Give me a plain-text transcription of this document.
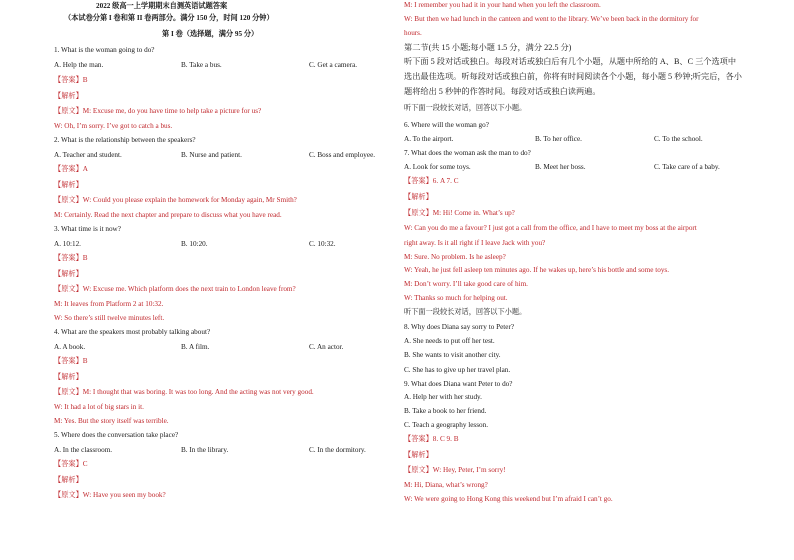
2022 级高一上学期期末自测英语试题答案
（本试卷分第 I 卷和第 II 卷两部分。满分 150 分，时间 120 分钟）
第 I 卷（选择题，满分 95 分）
1. What is the woman going to do?
A. Help the man.	B. Take a bus.	C. Get a camera.
【答案】B
【解析】
【原文】M: Excuse me, do you have time to help take a picture for us?
W: Oh, I’m sorry. I’ve got to catch a bus.
2. What is the relationship between the speakers?
A. Teacher and student.	B. Nurse and patient.	C. Boss and employee.
【答案】A
【解析】
【原文】W: Could you please explain the homework for Monday again, Mr Smith?
M: Certainly. Read the next chapter and prepare to discuss what you have read.
3. What time is it now?
A. 10:12.	B. 10:20.	C. 10:32.
【答案】B
【解析】
【原文】W: Excuse me. Which platform does the next train to London leave from?
M: It leaves from Platform 2 at 10:32.
W: So there’s still twelve minutes left.
4. What are the speakers most probably talking about?
A. A book.	B. A film.	C. An actor.
【答案】B
【解析】
【原文】M: I thought that was boring. It was too long. And the acting was not very good.
W: It had a lot of big stars in it.
M: Yes. But the story itself was terrible.
5. Where does the conversation take place?
A. In the classroom.	B. In the library.	C. In the dormitory.
【答案】C
【解析】
【原文】W: Have you seen my book?
M: I remember you had it in your hand when you left the classroom.
W: But then we had lunch in the canteen and went to the library. We’ve been back in the dormitory for
hours.
第二节(共 15 小题;每小题 1.5 分，满分 22.5 分)
听下面 5 段对话或独白。每段对话或独白后有几个小题，从题中所给的 A、B、C 三个选项中
选出最佳选项。听每段对话或独白前，你将有时间阅读各个小题，每小题 5 秒钟;听完后，各小
题将给出 5 秒钟的作答时间。每段对话或独白读两遍。
听下面一段较长对话，回答以下小题。
6. Where will the woman go?
A. To the airport.	B. To her office.	C. To the school.
7. What does the woman ask the man to do?
A. Look for some toys.	B. Meet her boss.	C. Take care of a baby.
【答案】6. A 7. C
【解析】
【原文】M: Hi! Come in. What’s up?
W: Can you do me a favour? I just got a call from the office, and I have to meet my boss at the airport
right away. Is it all right if I leave Jack with you?
M: Sure. No problem. Is he asleep?
W: Yeah, he just fell asleep ten minutes ago. If he wakes up, here’s his bottle and some toys.
M: Don’t worry. I’ll take good care of him.
W: Thanks so much for helping out.
听下面一段较长对话，回答以下小题。
8. Why does Diana say sorry to Peter?
A. She needs to put off her test.
B. She wants to visit another city.
C. She has to give up her travel plan.
9. What does Diana want Peter to do?
A. Help her with her study.
B. Take a book to her friend.
C. Teach a geography lesson.
【答案】8. C 9. B
【解析】
【原文】W: Hey, Peter, I’m sorry!
M: Hi, Diana, what’s wrong?
W: We were going to Hong Kong this weekend but I’m afraid I can’t go.
